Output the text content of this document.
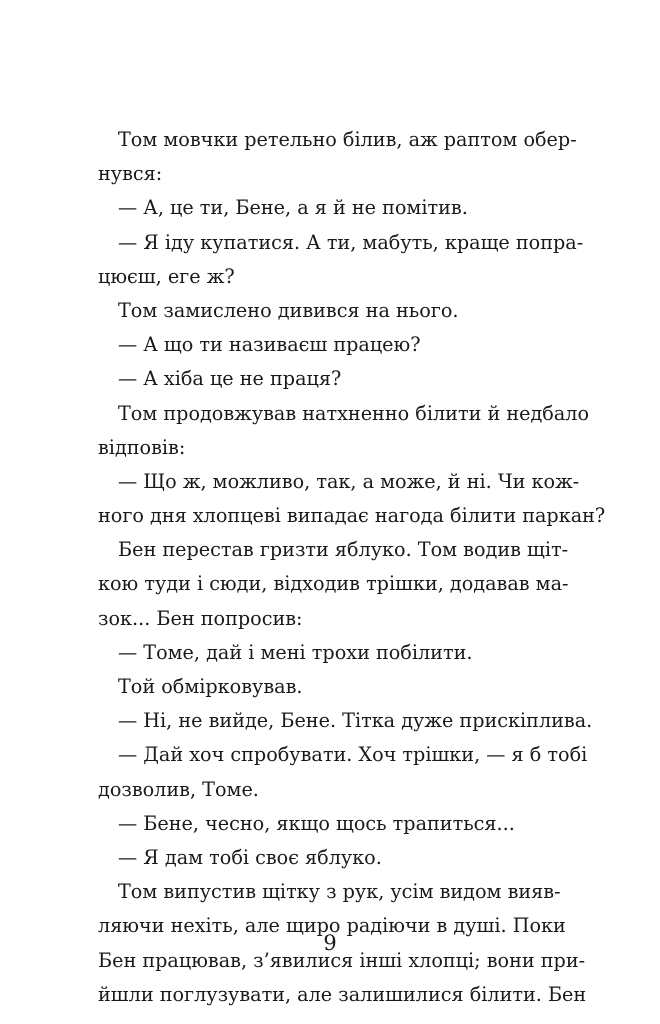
Том мовчки ретельно білив, аж раптом обер-
нувся:
— А, це ти, Бене, а я й не помітив.
— Я іду купатися. А ти, мабуть, краще попра-
цюєш, еге ж?
Том замислено дивився на нього.
— А що ти називаєш працею?
— А хіба це не праця?
Том продовжував натхненно білити й недбало
відповів:
— Що ж, можливо, так, а може, й ні. Чи кож-
ного дня хлопцеві випадає нагода білити паркан?
Бен перестав гризти яблуко. Том водив щіт-
кою туди і сюди, відходив трішки, додавав ма-
зок... Бен попросив:
— Томе, дай і мені трохи побілити.
Той обмірковував.
— Ні, не вийде, Бене. Тітка дуже прискіплива.
— Дай хоч спробувати. Хоч трішки, — я б тобі
дозволив, Томе.
— Бене, чесно, якщо щось трапиться...
— Я дам тобі своє яблуко.
Том випустив щітку з рук, усім видом вияв-
ляючи нехіть, але щиро радіючи в душі. Поки
Бен працював, з’явилися інші хлопці; вони при-
йшли поглузувати, але залишилися білити. Бен
9
